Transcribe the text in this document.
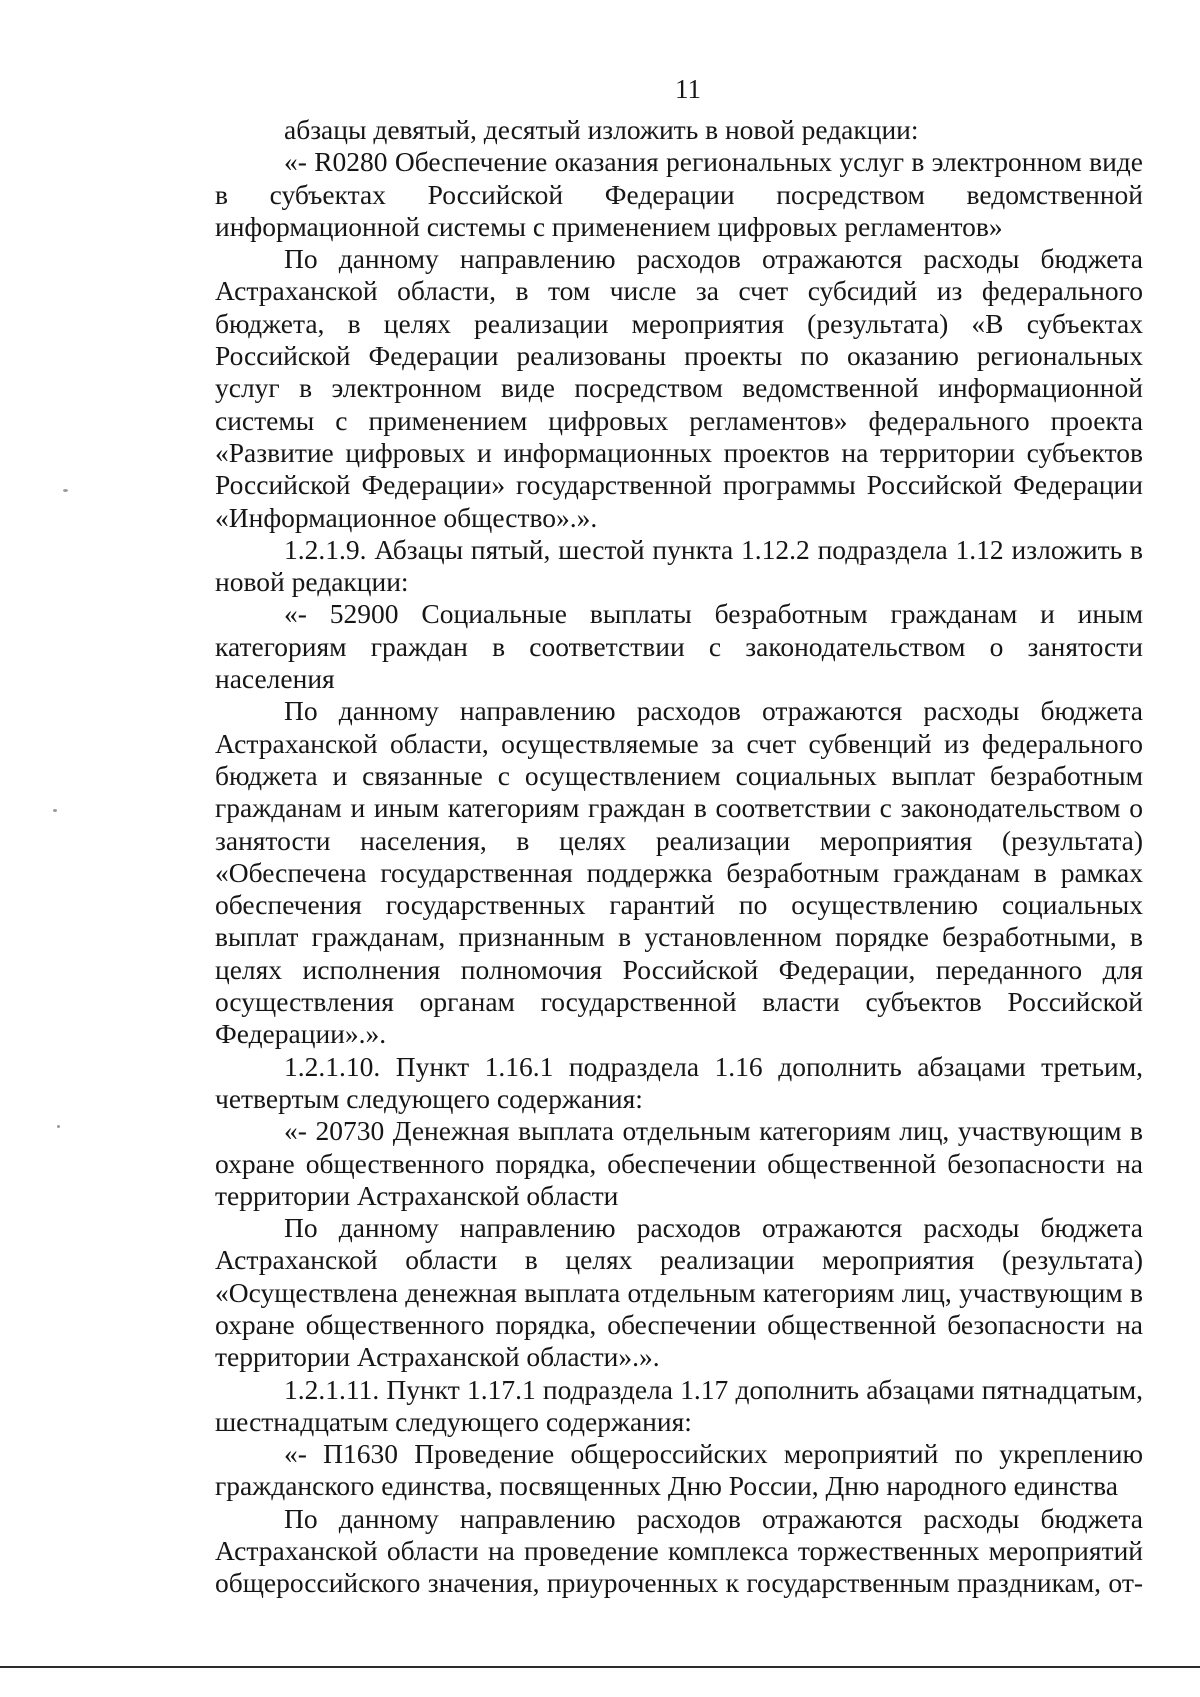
11

абзацы девятый, десятый изложить в новой редакции:

«- R0280 Обеспечение оказания региональных услуг в электронном виде в субъектах Российской Федерации посредством ведомственной информационной системы с применением цифровых регламентов»

По данному направлению расходов отражаются расходы бюджета Астраханской области, в том числе за счет субсидий из федерального бюджета, в целях реализации мероприятия (результата) «В субъектах Российской Федерации реализованы проекты по оказанию региональных услуг в электронном виде посредством ведомственной информационной системы с применением цифровых регламентов» федерального проекта «Развитие цифровых и информационных проектов на территории субъектов Российской Федерации» государственной программы Российской Федерации «Информационное общество».».

1.2.1.9. Абзацы пятый, шестой пункта 1.12.2 подраздела 1.12 изложить в новой редакции:

«- 52900 Социальные выплаты безработным гражданам и иным категориям граждан в соответствии с законодательством о занятости населения

По данному направлению расходов отражаются расходы бюджета Астраханской области, осуществляемые за счет субвенций из федерального бюджета и связанные с осуществлением социальных выплат безработным гражданам и иным категориям граждан в соответствии с законодательством о занятости населения, в целях реализации мероприятия (результата) «Обеспечена государственная поддержка безработным гражданам в рамках обеспечения государственных гарантий по осуществлению социальных выплат гражданам, признанным в установленном порядке безработными, в целях исполнения полномочия Российской Федерации, переданного для осуществления органам государственной власти субъектов Российской Федерации».».

1.2.1.10. Пункт 1.16.1 подраздела 1.16 дополнить абзацами третьим, четвертым следующего содержания:

«- 20730 Денежная выплата отдельным категориям лиц, участвующим в охране общественного порядка, обеспечении общественной безопасности на территории Астраханской области

По данному направлению расходов отражаются расходы бюджета Астраханской области в целях реализации мероприятия (результата) «Осуществлена денежная выплата отдельным категориям лиц, участвующим в охране общественного порядка, обеспечении общественной безопасности на территории Астраханской области».».

1.2.1.11. Пункт 1.17.1 подраздела 1.17 дополнить абзацами пятнадцатым, шестнадцатым следующего содержания:

«- П1630 Проведение общероссийских мероприятий по укреплению гражданского единства, посвященных Дню России, Дню народного единства

По данному направлению расходов отражаются расходы бюджета Астраханской области на проведение комплекса торжественных мероприятий общероссийского значения, приуроченных к государственным праздникам, от-
